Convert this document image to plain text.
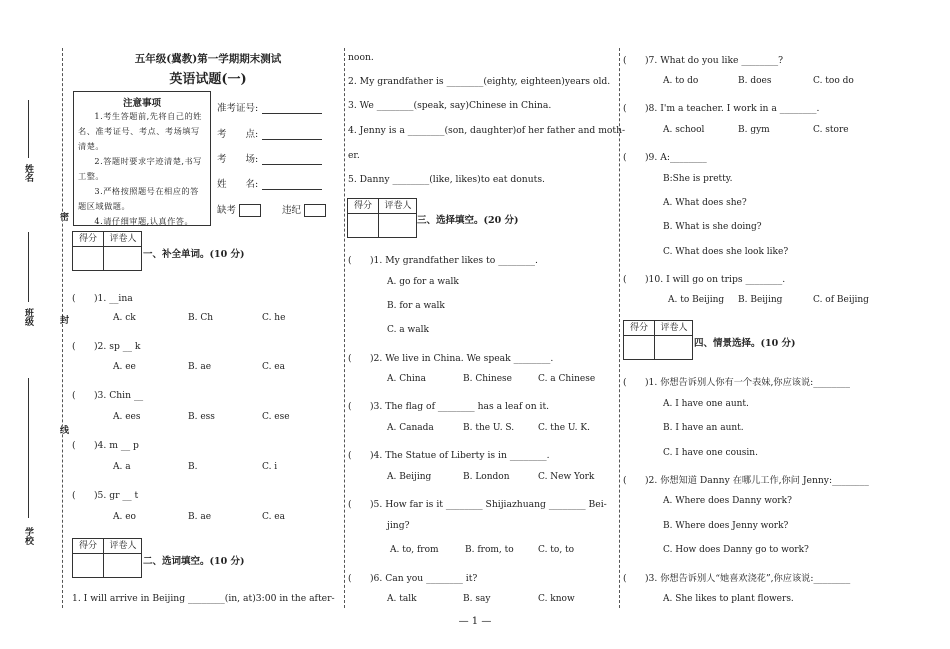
姓名
班级
学校
密
封
线
五年级(冀教)第一学期期末测试
英语试题(一)
注意事项

1.考生答题前,先将自己的姓名、准考证号、考点、考场填写清楚。

2.答题时要求字迹清楚,书写工整。

3.严格按照题号在相应的答题区域做题。

4.请仔细审题,认真作答。

准考证号:
考　　点:
考　　场:
姓　　名:
缺考	违纪
得分	评卷人
一、补全单词。(10 分)
(　　)1. __ina
A. ck	B. Ch	C. he
(　　)2. sp __ k
A. ee	B. ae	C. ea
(　　)3. Chin __
A. ees	B. ess	C. ese
(　　)4. m __ p
A. a	B.	C. i
(　　)5. gr __ t
A. eo	B. ae	C. ea
得分	评卷人
二、选词填空。(10 分)
1. I will arrive in Beijing ________(in, at)3:00 in the after-
noon.
2. My grandfather is ________(eighty, eighteen)years old.
3. We ________(speak, say)Chinese in China.
4. Jenny is a ________(son, daughter)of her father and moth-
er.
5. Danny ________(like, likes)to eat donuts.
得分	评卷人
三、选择填空。(20 分)
(　　)1. My grandfather likes to ________.
A. go for a walk
B. for a walk
C. a walk
(　　)2. We live in China. We speak ________.
A. China	B. Chinese	C. a Chinese
(　　)3. The flag of ________ has a leaf on it.
A. Canada	B. the U. S.	C. the U. K.
(　　)4. The Statue of Liberty is in ________.
A. Beijing	B. London	C. New York
(　　)5. How far is it ________ Shijiazhuang ________ Bei-
jing?
A. to, from	B. from, to	C. to, to
(　　)6. Can you ________ it?
A. talk	B. say	C. know
(　　)7. What do you like ________?
A. to do	B. does	C. too do
(　　)8. I'm a teacher. I work in a ________.
A. school	B. gym	C. store
(　　)9. A:________
B:She is pretty.
A. What does she?
B. What is she doing?
C. What does she look like?
(　　)10. I will go on trips ________.
A. to Beijing B. Beijing	C. of Beijing
得分	评卷人
四、情景选择。(10 分)
(　　)1. 你想告诉别人你有一个表妹,你应该说:________
A. I have one aunt.
B. I have an aunt.
C. I have one cousin.
(　　)2. 你想知道 Danny 在哪儿工作,你问 Jenny:________
A. Where does Danny work?
B. Where does Jenny work?
C. How does Danny go to work?
(　　)3. 你想告诉别人“她喜欢浇花”,你应该说:________
A. She likes to plant flowers.
— 1 —
